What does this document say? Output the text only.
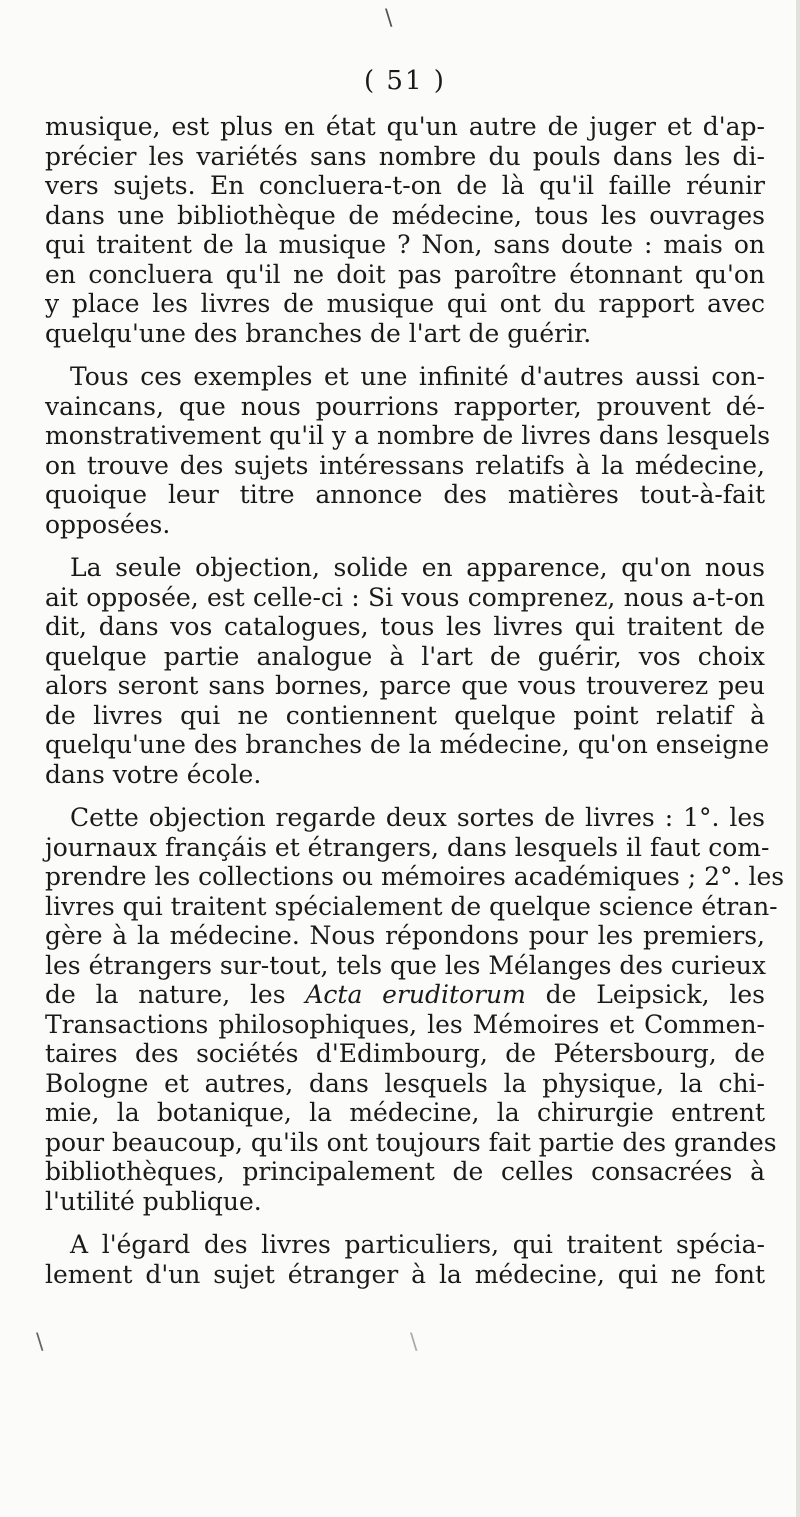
\
( 51 )

musique, est plus en état qu'un autre de juger et d'ap-
précier les variétés sans nombre du pouls dans les di-
vers sujets. En concluera-t-on de là qu'il faille réunir
dans une bibliothèque de médecine, tous les ouvrages
qui traitent de la musique ? Non, sans doute : mais on
en concluera qu'il ne doit pas paroître étonnant qu'on
y place les livres de musique qui ont du rapport avec
quelqu'une des branches de l'art de guérir.

Tous ces exemples et une infinité d'autres aussi con-
vaincans, que nous pourrions rapporter, prouvent dé-
monstrativement qu'il y a nombre de livres dans lesquels
on trouve des sujets intéressans relatifs à la médecine,
quoique leur titre annonce des matières tout-à-fait
opposées.

La seule objection, solide en apparence, qu'on nous
ait opposée, est celle-ci : Si vous comprenez, nous a-t-on
dit, dans vos catalogues, tous les livres qui traitent de
quelque partie analogue à l'art de guérir, vos choix
alors seront sans bornes, parce que vous trouverez peu
de livres qui ne contiennent quelque point relatif à
quelqu'une des branches de la médecine, qu'on enseigne
dans votre école.

Cette objection regarde deux sortes de livres : 1°. les
journaux françáis et étrangers, dans lesquels il faut com-
prendre les collections ou mémoires académiques ; 2°. les
livres qui traitent spécialement de quelque science étran-
gère à la médecine. Nous répondons pour les premiers,
les étrangers sur-tout, tels que les Mélanges des curieux
de la nature, les Acta eruditorum de Leipsick, les
Transactions philosophiques, les Mémoires et Commen-
taires des sociétés d'Edimbourg, de Pétersbourg, de
Bologne et autres, dans lesquels la physique, la chi-
mie, la botanique, la médecine, la chirurgie entrent
pour beaucoup, qu'ils ont toujours fait partie des grandes
bibliothèques, principalement de celles consacrées à
l'utilité publique.

A l'égard des livres particuliers, qui traitent spécia-
lement d'un sujet étranger à la médecine, qui ne font

\	\
